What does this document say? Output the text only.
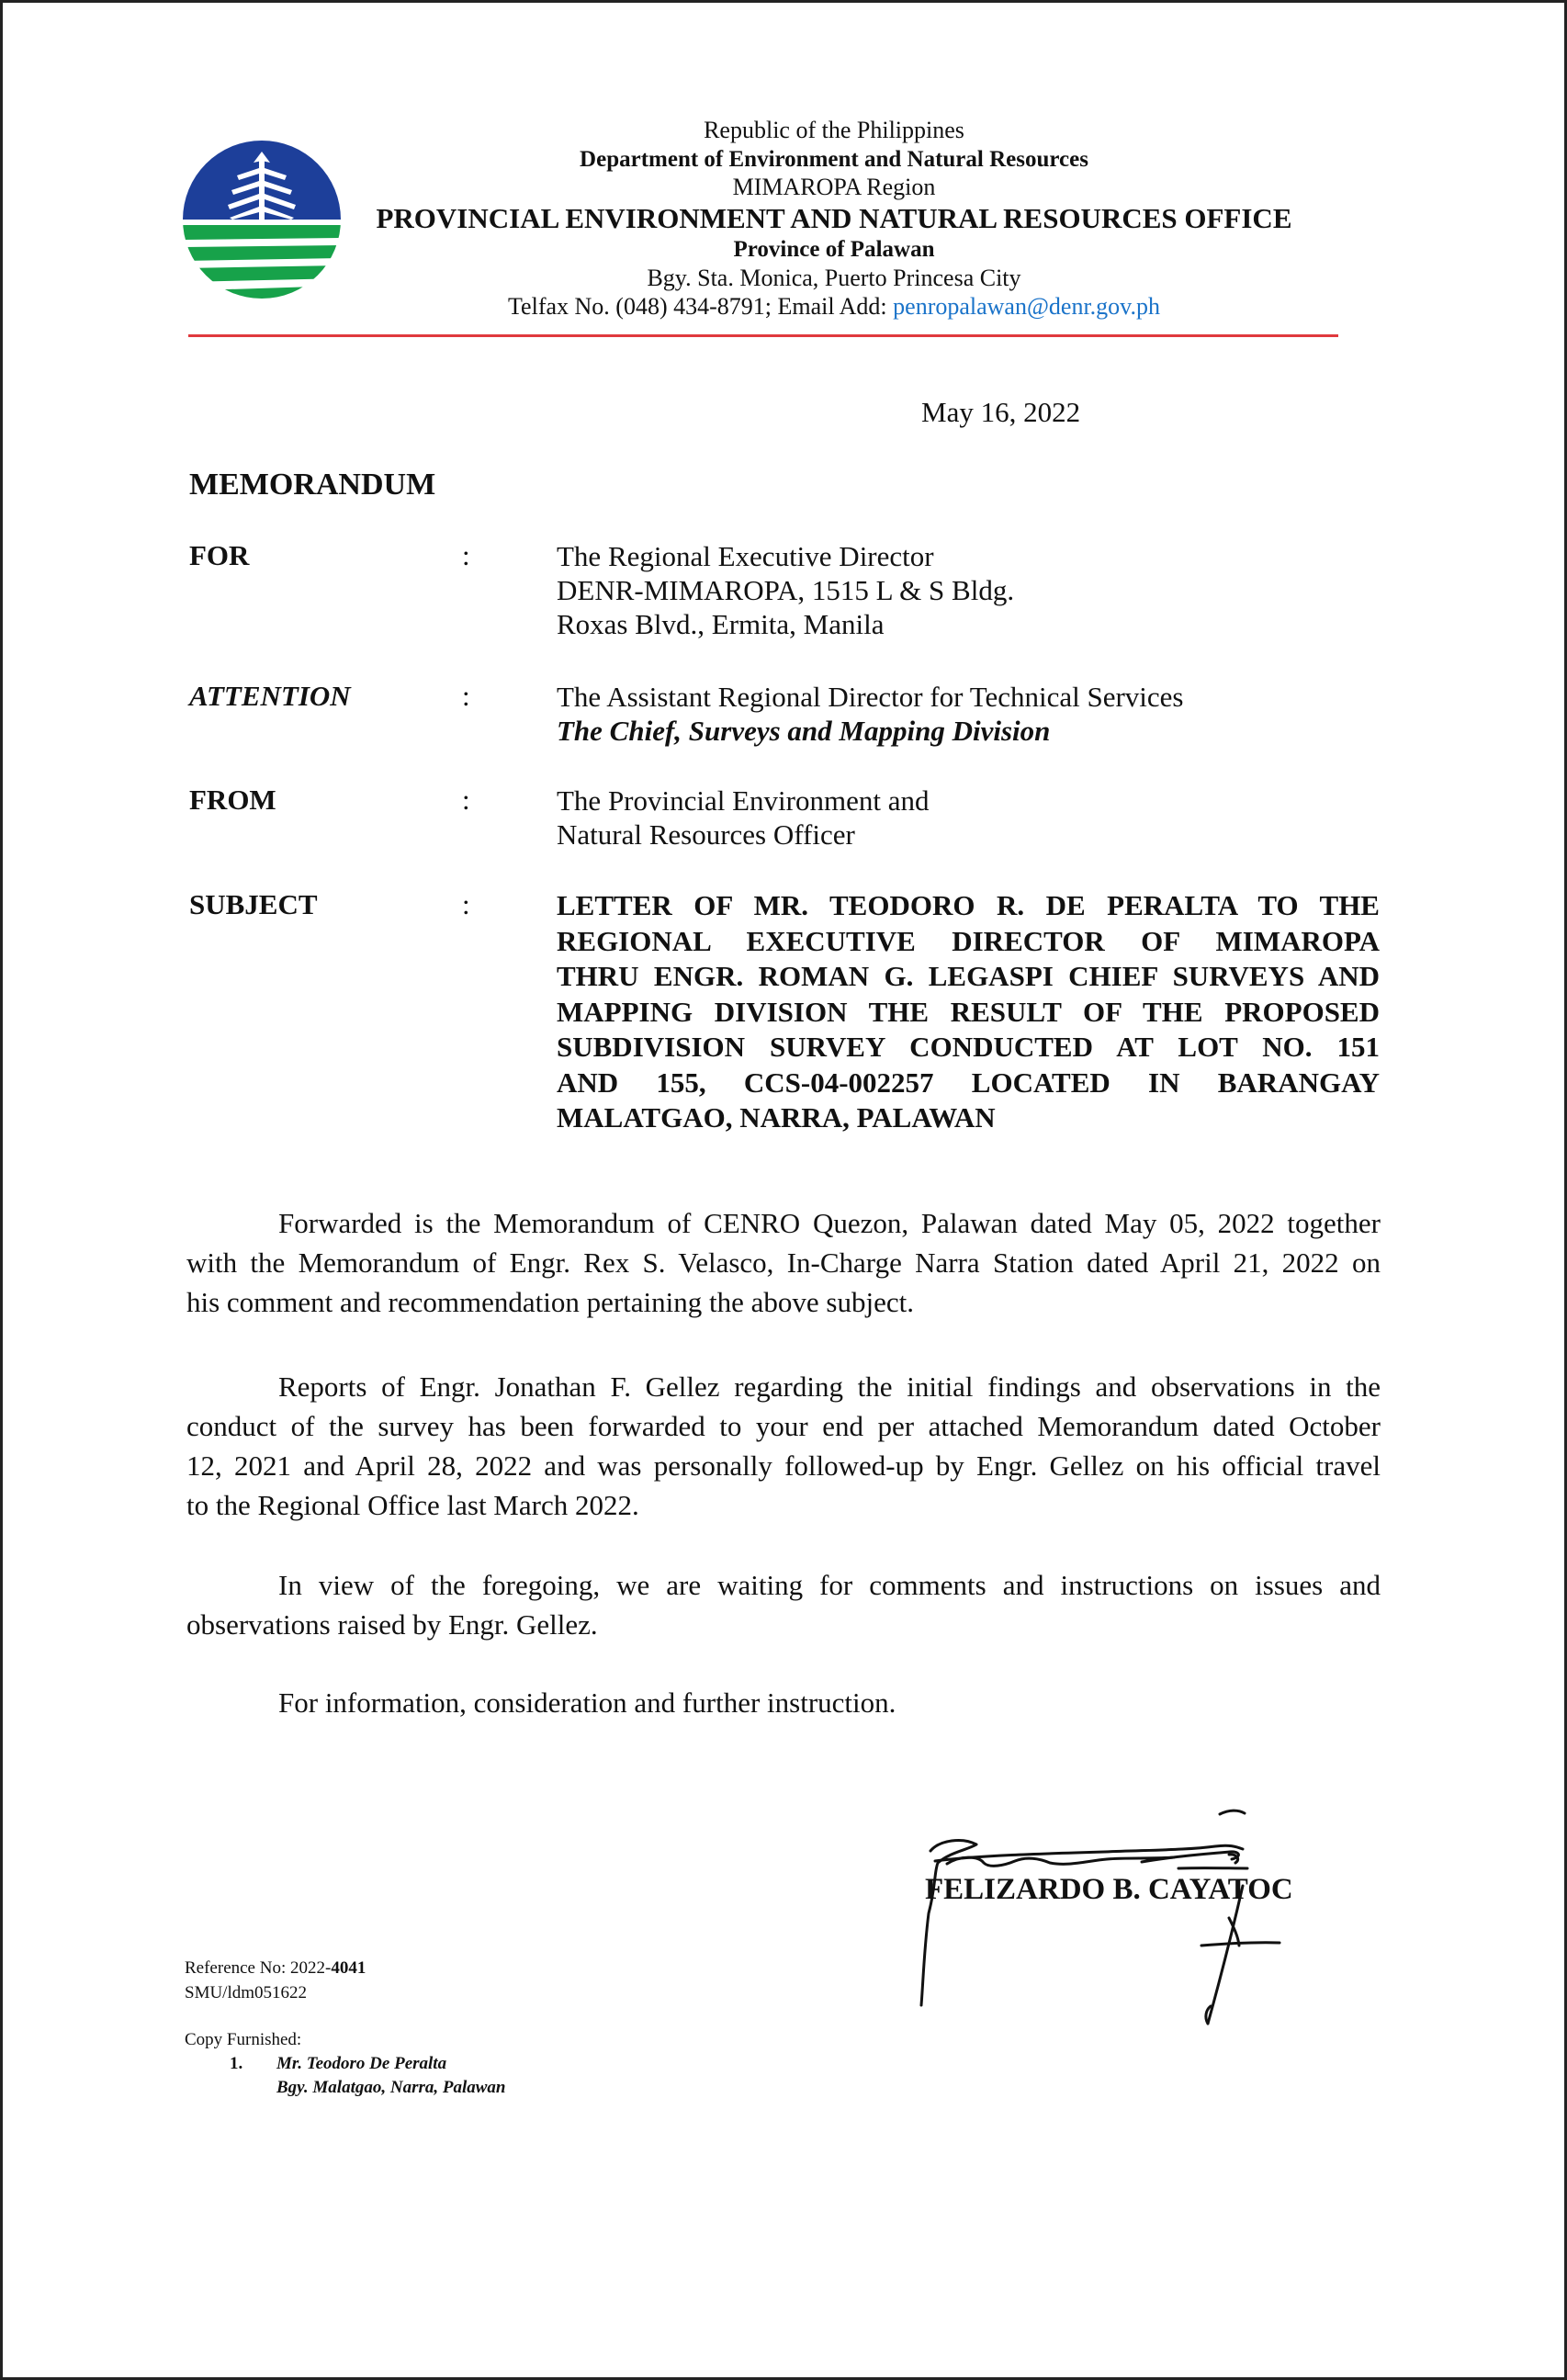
Republic of the Philippines
Department of Environment and Natural Resources
MIMAROPA Region
PROVINCIAL ENVIRONMENT AND NATURAL RESOURCES OFFICE
Province of Palawan
Bgy. Sta. Monica, Puerto Princesa City
Telfax No. (048) 434-8791; Email Add: penropalawan@denr.gov.ph
May 16, 2022
MEMORANDUM
FOR	:	The Regional Executive Director
DENR-MIMAROPA, 1515 L & S Bldg.
Roxas Blvd., Ermita, Manila
ATTENTION	:	The Assistant Regional Director for Technical Services
The Chief, Surveys and Mapping Division
FROM	:	The Provincial Environment and
Natural Resources Officer
SUBJECT	:	LETTER OF MR. TEODORO R. DE PERALTA TO THE
REGIONAL EXECUTIVE DIRECTOR OF MIMAROPA
THRU ENGR. ROMAN G. LEGASPI CHIEF SURVEYS AND
MAPPING DIVISION THE RESULT OF THE PROPOSED
SUBDIVISION SURVEY CONDUCTED AT LOT NO. 151
AND 155, CCS-04-002257 LOCATED IN BARANGAY
MALATGAO, NARRA, PALAWAN
Forwarded is the Memorandum of CENRO Quezon, Palawan dated May 05, 2022 together
with the Memorandum of Engr. Rex S. Velasco, In-Charge Narra Station dated April 21, 2022 on
his comment and recommendation pertaining the above subject.
Reports of Engr. Jonathan F. Gellez regarding the initial findings and observations in the
conduct of the survey has been forwarded to your end per attached Memorandum dated October
12, 2021 and April 28, 2022 and was personally followed-up by Engr. Gellez on his official travel
to the Regional Office last March 2022.
In view of the foregoing, we are waiting for comments and instructions on issues and
observations raised by Engr. Gellez.
For information, consideration and further instruction.
FELIZARDO B. CAYATOC
Reference No: 2022-4041
SMU/ldm051622
Copy Furnished:
1. Mr. Teodoro De Peralta
Bgy. Malatgao, Narra, Palawan
